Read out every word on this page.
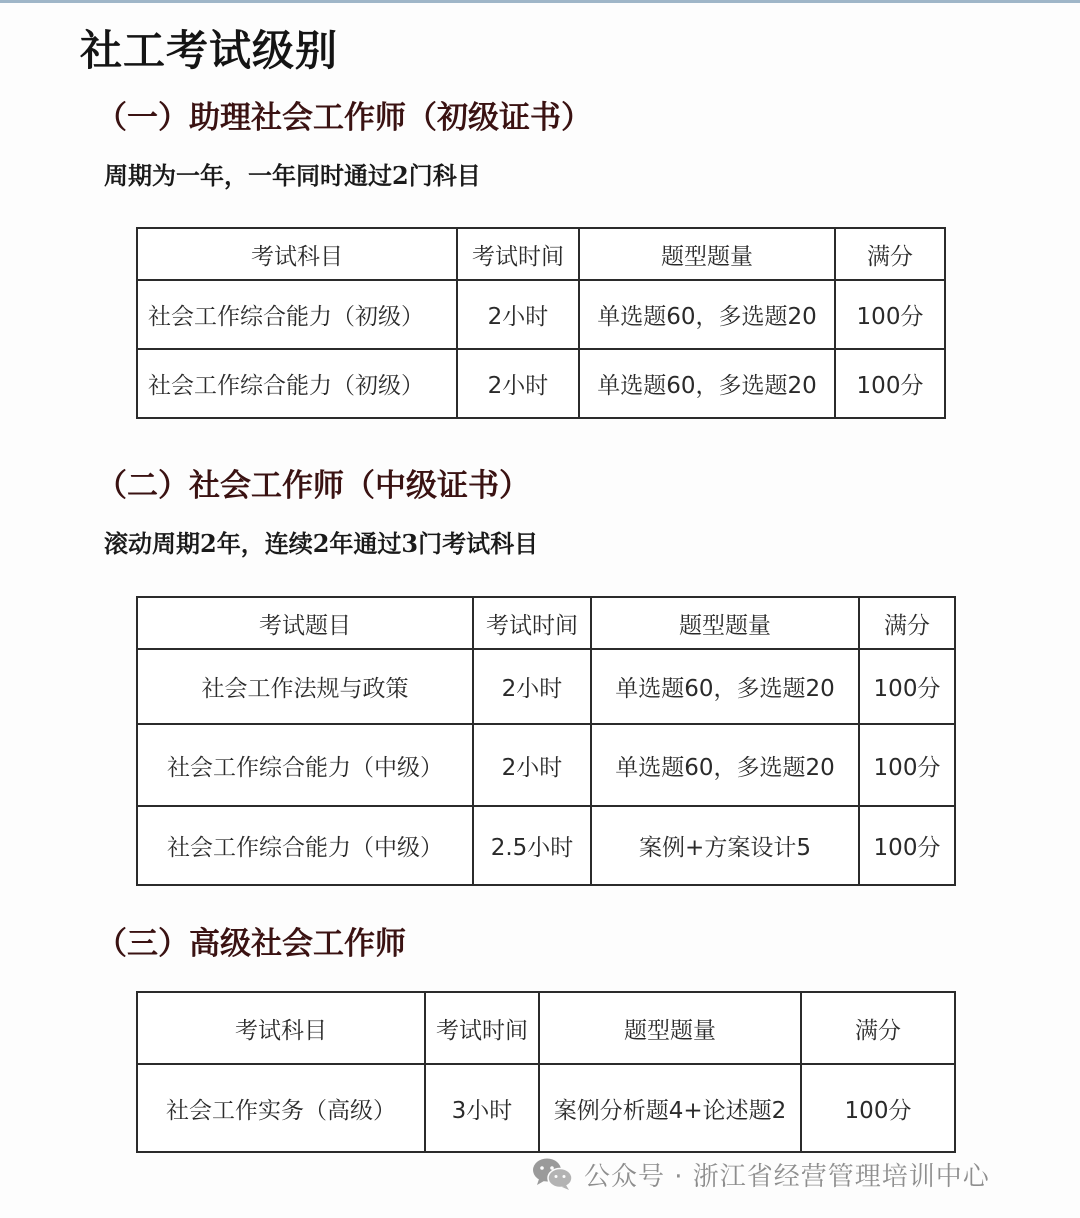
社工考试级别
（一）助理社会工作师（初级证书）

周期为一年，一年同时通过2门科目

考试科目	考试时间	题型题量	满分
社会工作综合能力（初级）	2小时	单选题60，多选题20	100分
社会工作综合能力（初级）	2小时	单选题60，多选题20	100分
（二）社会工作师（中级证书）

滚动周期2年，连续2年通过3门考试科目

考试题目	考试时间	题型题量	满分
社会工作法规与政策	2小时	单选题60，多选题20	100分
社会工作综合能力（中级）	2小时	单选题60，多选题20	100分
社会工作综合能力（中级）	2.5小时	案例+方案设计5	100分
（三）高级社会工作师
考试科目	考试时间	题型题量	满分
社会工作实务（高级）	3小时	案例分析题4+论述题2	100分
公众号 · 浙江省经营管理培训中心
